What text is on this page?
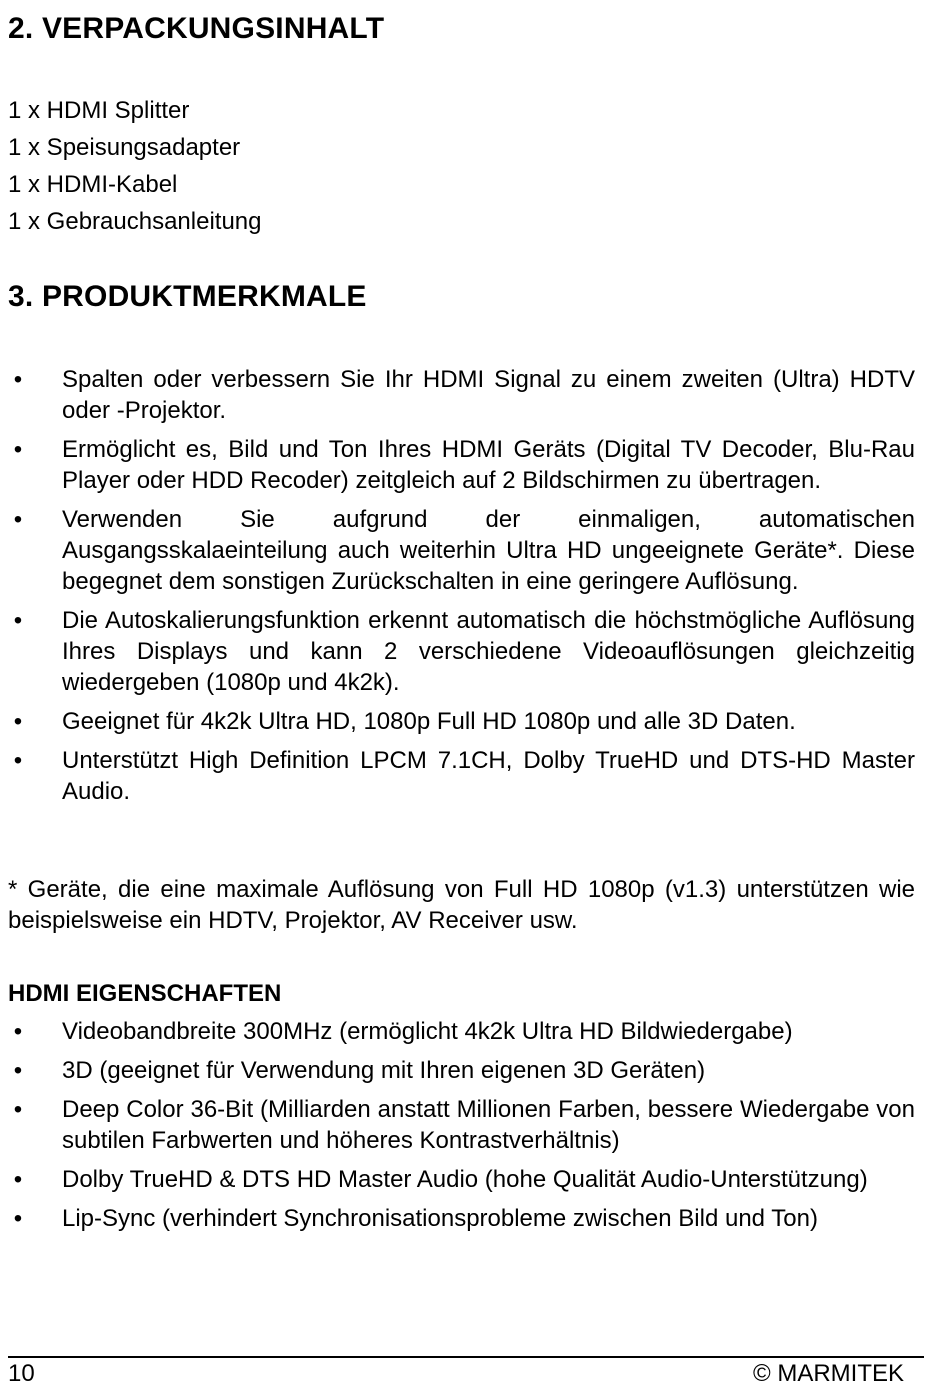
2. VERPACKUNGSINHALT
1 x HDMI Splitter
1 x Speisungsadapter
1 x HDMI-Kabel
1 x Gebrauchsanleitung
3. PRODUKTMERKMALE
• Spalten oder verbessern Sie Ihr HDMI Signal zu einem zweiten (Ultra) HDTV oder -Projektor.
• Ermöglicht es, Bild und Ton Ihres HDMI Geräts (Digital TV Decoder, Blu-Rau Player oder HDD Recoder) zeitgleich auf 2 Bildschirmen zu übertragen.
• Verwenden Sie aufgrund der einmaligen, automatischen Ausgangsskalaeinteilung auch weiterhin Ultra HD ungeeignete Geräte*. Diese begegnet dem sonstigen Zurückschalten in eine geringere Auflösung.
• Die Autoskalierungsfunktion erkennt automatisch die höchstmögliche Auflösung Ihres Displays und kann 2 verschiedene Videoauflösungen gleichzeitig wiedergeben (1080p und 4k2k).
• Geeignet für 4k2k Ultra HD, 1080p Full HD 1080p und alle 3D Daten.
• Unterstützt High Definition LPCM 7.1CH, Dolby TrueHD und DTS-HD Master Audio.

* Geräte, die eine maximale Auflösung von Full HD 1080p (v1.3) unterstützen wie beispielsweise ein HDTV, Projektor, AV Receiver usw.

HDMI EIGENSCHAFTEN
• Videobandbreite 300MHz (ermöglicht 4k2k Ultra HD Bildwiedergabe)
• 3D (geeignet für Verwendung mit Ihren eigenen 3D Geräten)
• Deep Color 36-Bit (Milliarden anstatt Millionen Farben, bessere Wiedergabe von subtilen Farbwerten und höheres Kontrastverhältnis)
• Dolby TrueHD & DTS HD Master Audio (hohe Qualität Audio-Unterstützung)
• Lip-Sync (verhindert Synchronisationsprobleme zwischen Bild und Ton)
10	© MARMITEK
